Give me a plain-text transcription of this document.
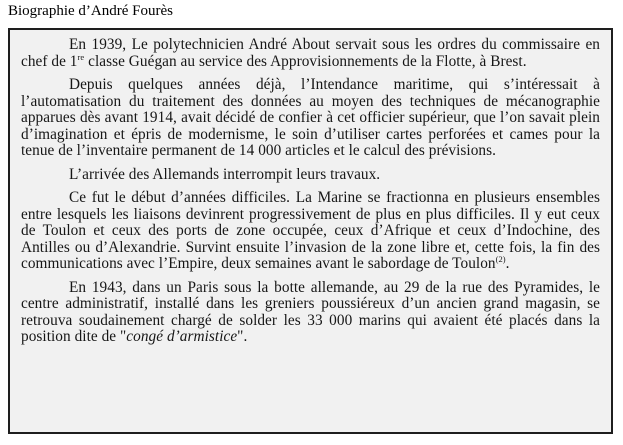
Biographie d’André Fourès

En 1939, Le polytechnicien André About servait sous les ordres du commissaire en chef de 1re classe Guégan au service des Approvisionnements de la Flotte, à Brest.

Depuis quelques années déjà, l’Intendance maritime, qui s’intéressait à l’automatisation du traitement des données au moyen des techniques de mécanographie apparues dès avant 1914, avait décidé de confier à cet officier supérieur, que l’on savait plein d’imagination et épris de modernisme, le soin d’utiliser cartes perforées et cames pour la tenue de l’inventaire permanent de 14 000 articles et le calcul des prévisions.

L’arrivée des Allemands interrompit leurs travaux.

Ce fut le début d’années difficiles. La Marine se fractionna en plusieurs ensembles entre lesquels les liaisons devinrent progressivement de plus en plus difficiles. Il y eut ceux de Toulon et ceux des ports de zone occupée, ceux d’Afrique et ceux d’Indochine, des Antilles ou d’Alexandrie. Survint ensuite l’invasion de la zone libre et, cette fois, la fin des communications avec l’Empire, deux semaines avant le sabordage de Toulon$^{(2)}$.

En 1943, dans un Paris sous la botte allemande, au 29 de la rue des Pyramides, le centre administratif, installé dans les greniers poussiéreux d’un ancien grand magasin, se retrouva soudainement chargé de solder les 33 000 marins qui avaient été placés dans la position dite de "congé d’armistice".
